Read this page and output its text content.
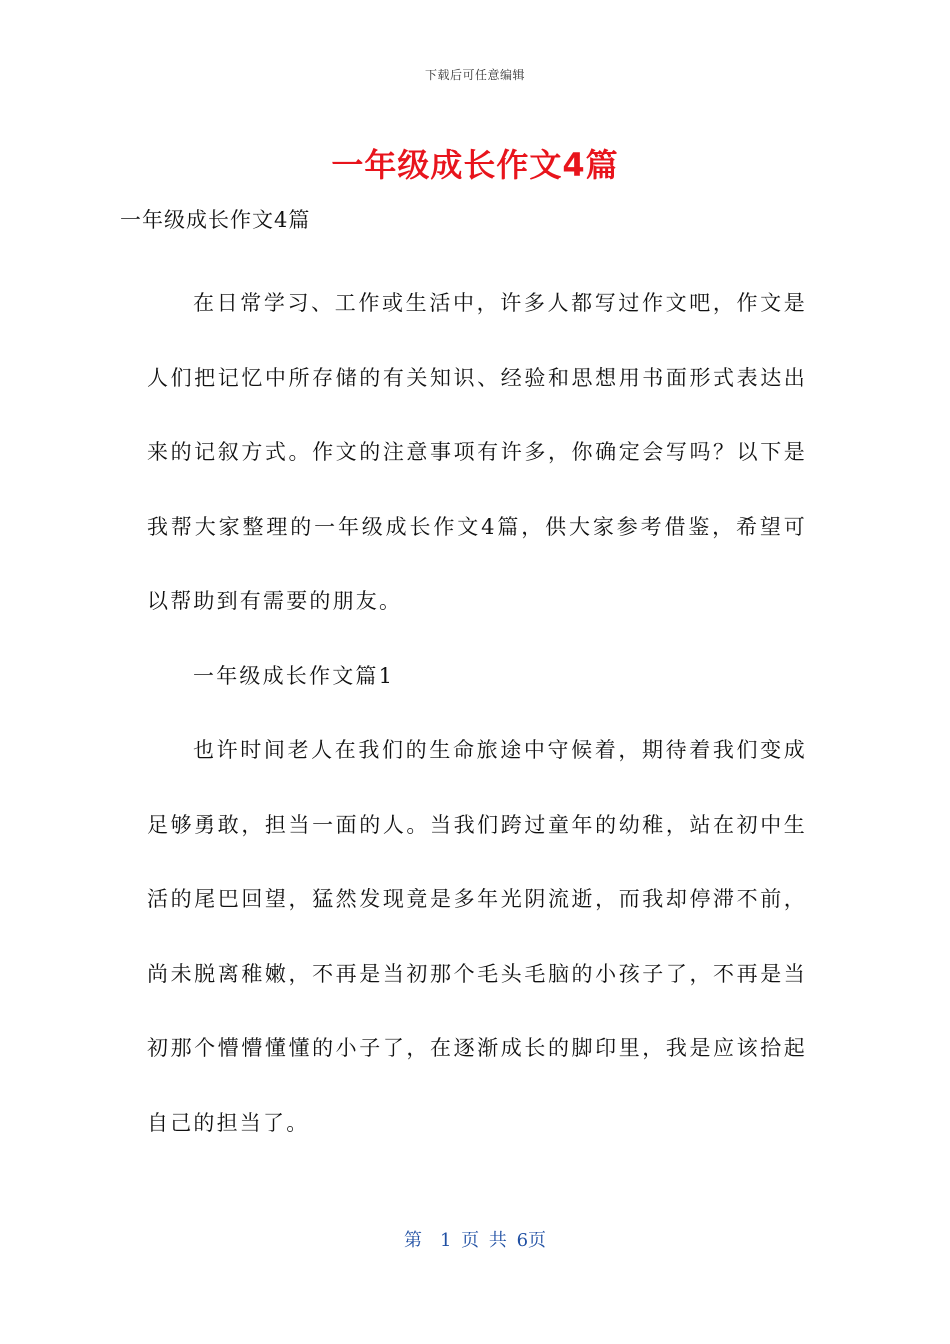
下载后可任意编辑
一年级成长作文4篇
一年级成长作文4篇

在日常学习、工作或生活中，许多人都写过作文吧，作文是人们把记忆中所存储的有关知识、经验和思想用书面形式表达出来的记叙方式。作文的注意事项有许多，你确定会写吗？以下是我帮大家整理的一年级成长作文4篇，供大家参考借鉴，希望可以帮助到有需要的朋友。

一年级成长作文篇1

也许时间老人在我们的生命旅途中守候着，期待着我们变成足够勇敢，担当一面的人。当我们跨过童年的幼稚，站在初中生活的尾巴回望，猛然发现竟是多年光阴流逝，而我却停滞不前，尚未脱离稚嫩，不再是当初那个毛头毛脑的小孩子了，不再是当初那个懵懵懂懂的小子了，在逐渐成长的脚印里，我是应该拾起自己的担当了。

第　1 页 共 6页
